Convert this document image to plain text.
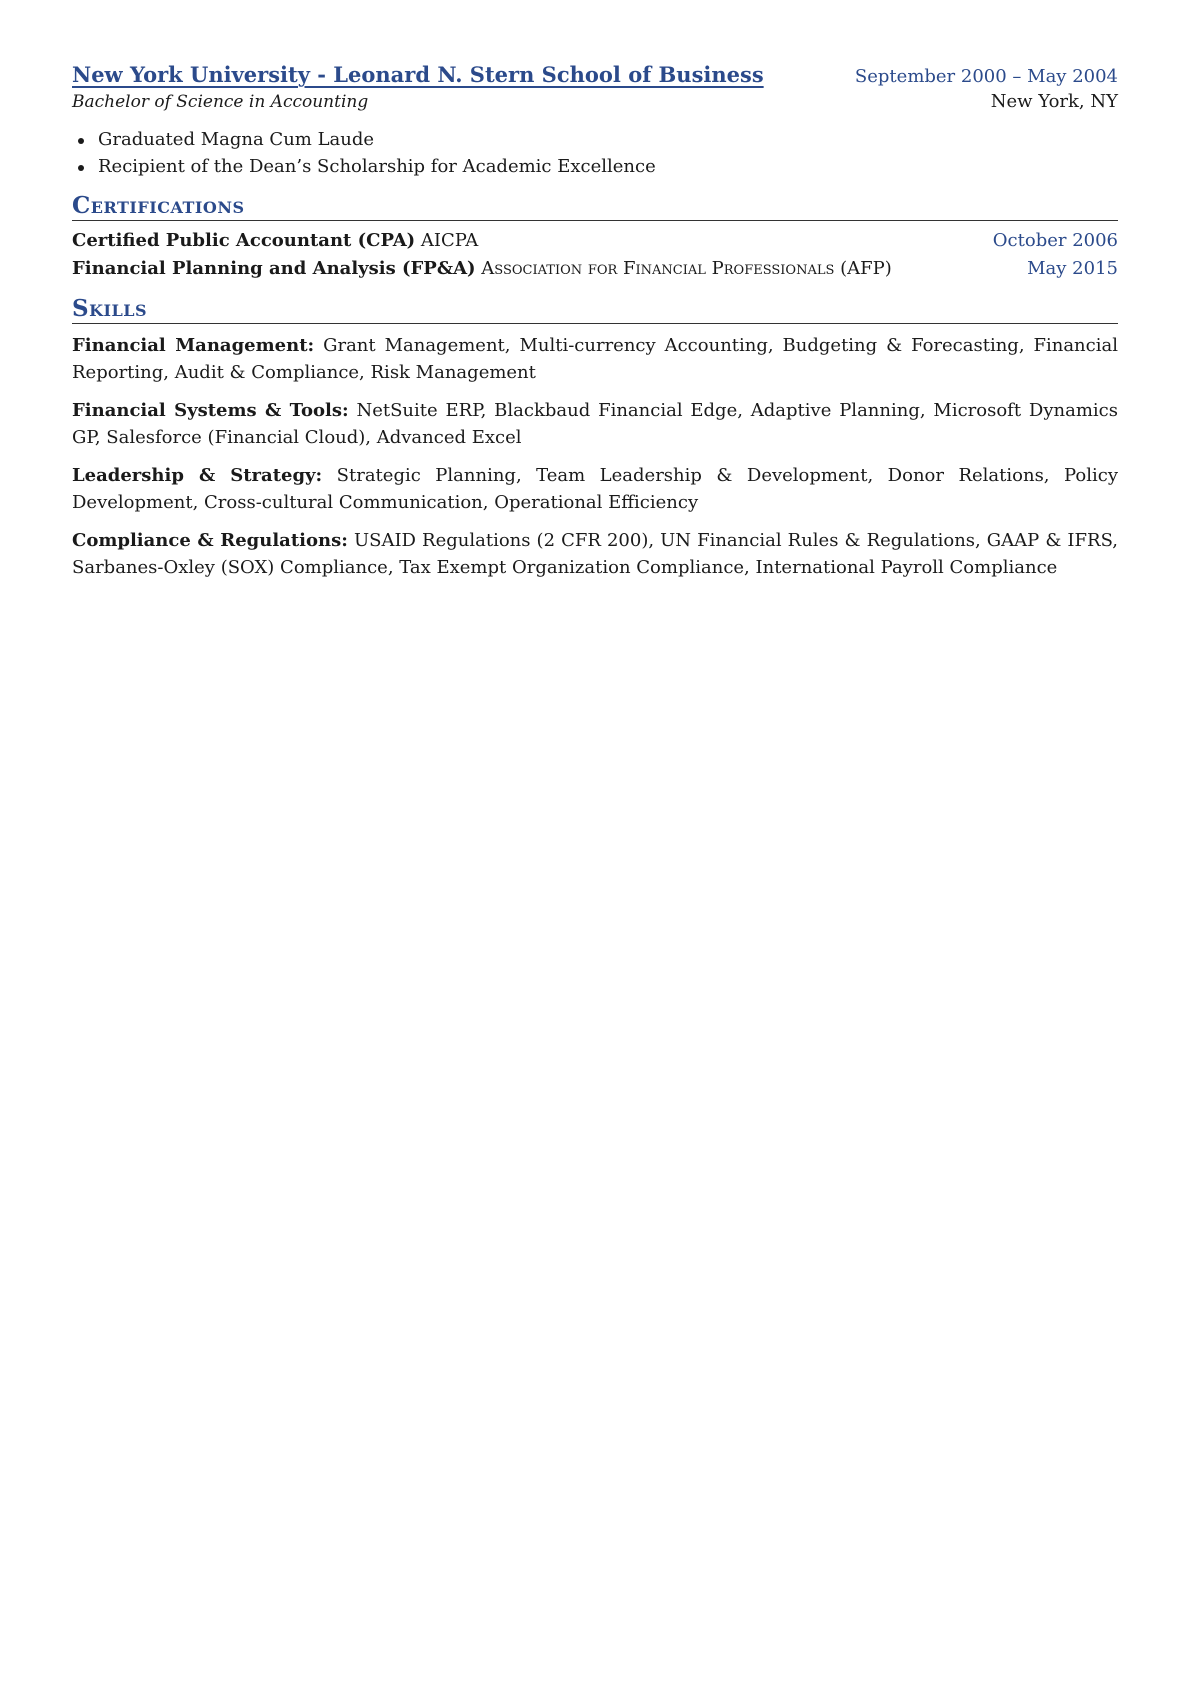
New York University - Leonard N. Stern School of Business	September 2000 – May 2004
Bachelor of Science in Accounting	New York, NY
Graduated Magna Cum Laude
Recipient of the Dean’s Scholarship for Academic Excellence
Certifications
Certified Public Accountant (CPA) AICPA	October 2006
Financial Planning and Analysis (FP&A) Association for Financial Professionals (AFP)	May 2015
Skills
Financial Management: Grant Management, Multi-currency Accounting, Budgeting & Forecasting, Financial Reporting, Audit & Compliance, Risk Management
Financial Systems & Tools: NetSuite ERP, Blackbaud Financial Edge, Adaptive Planning, Microsoft Dynamics GP, Salesforce (Financial Cloud), Advanced Excel
Leadership & Strategy: Strategic Planning, Team Leadership & Development, Donor Relations, Policy Development, Cross-cultural Communication, Operational Efficiency
Compliance & Regulations: USAID Regulations (2 CFR 200), UN Financial Rules & Regulations, GAAP & IFRS, Sarbanes-Oxley (SOX) Compliance, Tax Exempt Organization Compliance, International Payroll Compliance
